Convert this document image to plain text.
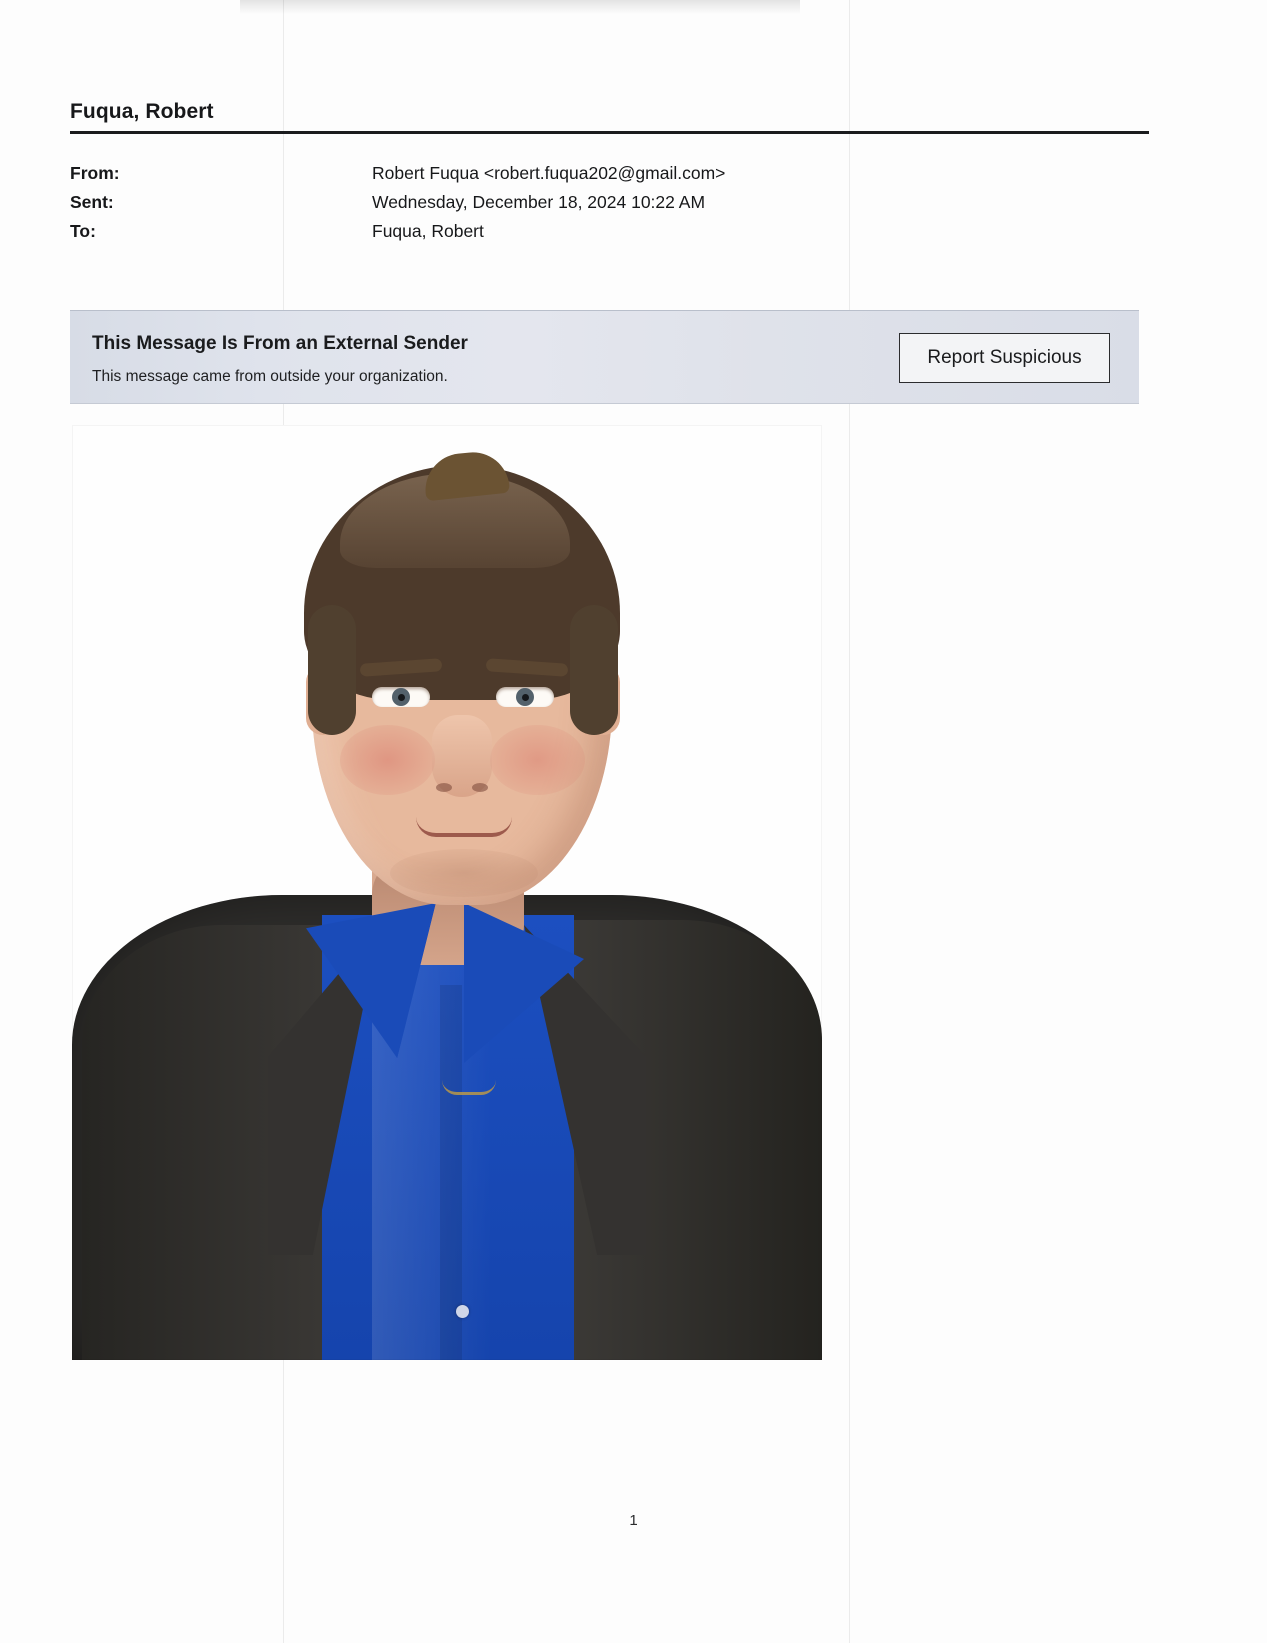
Fuqua, Robert
From:	Robert Fuqua <robert.fuqua202@gmail.com>
Sent:	Wednesday, December 18, 2024 10:22 AM
To:	Fuqua, Robert
This Message Is From an External Sender
This message came from outside your organization.
Report Suspicious
1
